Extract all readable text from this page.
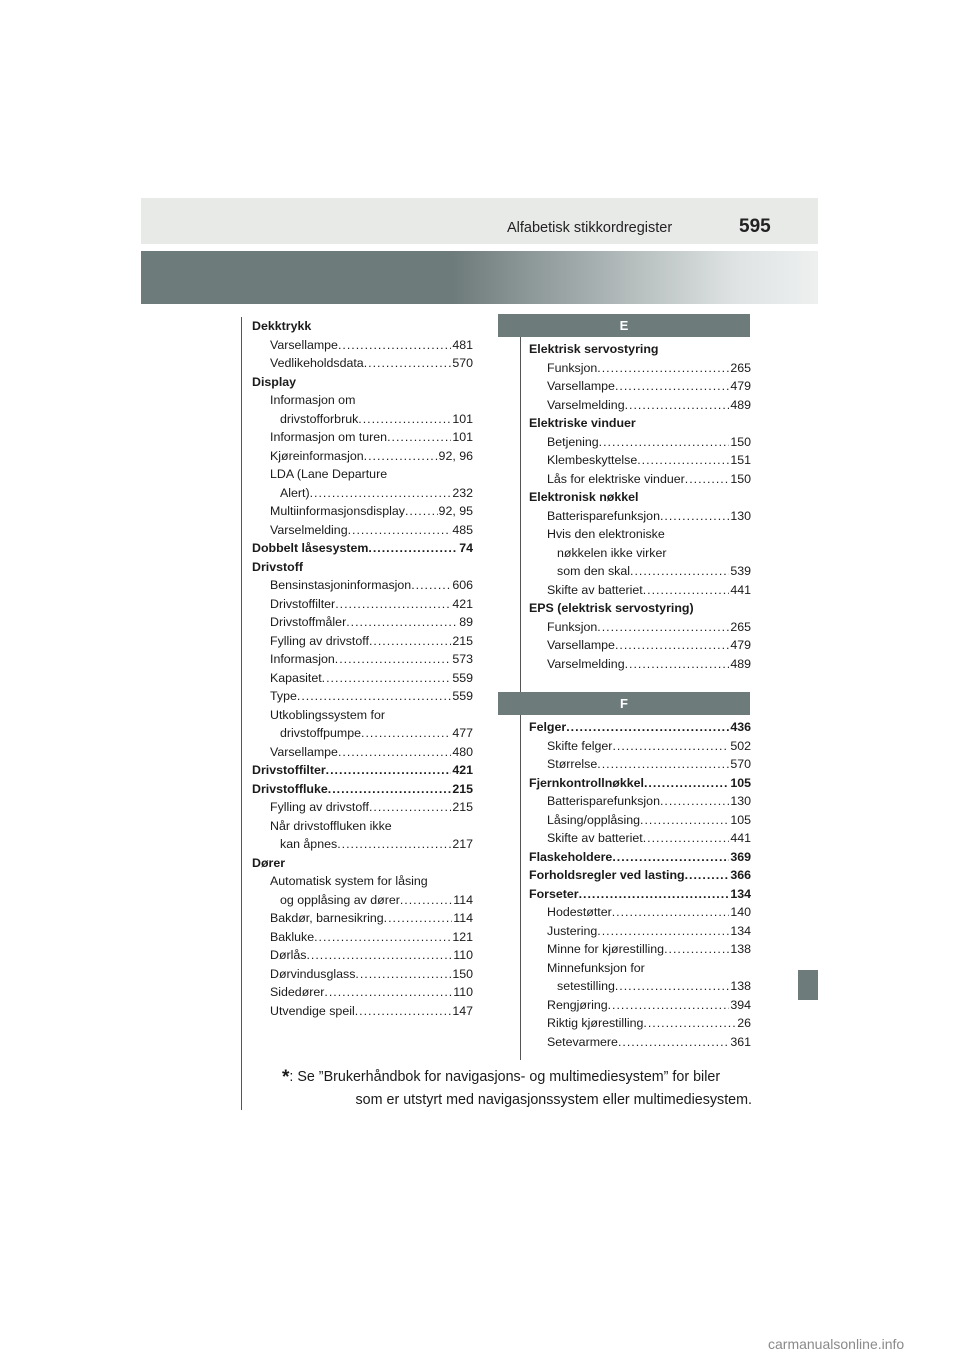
Alfabetisk stikkordregister	595
Dekktrykk
Varsellampe .....	481
Vedlikeholdsdata .....	570
Display
Informasjon om
drivstofforbruk .....	101
Informasjon om turen .....	101
Kjøreinformasjon .....	92, 96
LDA (Lane Departure
Alert) .....	232
Multiinformasjonsdisplay .....	92, 95
Varselmelding .....	485
Dobbelt låsesystem .....	74
Drivstoff
Bensinstasjoninformasjon .....	606
Drivstoffilter .....	421
Drivstoffmåler .....	89
Fylling av drivstoff .....	215
Informasjon .....	573
Kapasitet .....	559
Type .....	559
Utkoblingssystem for
drivstoffpumpe .....	477
Varsellampe .....	480
Drivstoffilter .....	421
Drivstoffluke .....	215
Fylling av drivstoff .....	215
Når drivstoffluken ikke
kan åpnes .....	217
Dører
Automatisk system for låsing
og opplåsing av dører .....	114
Bakdør, barnesikring .....	114
Bakluke .....	121
Dørlås .....	110
Dørvindusglass .....	150
Sidedører .....	110
Utvendige speil .....	147
E
Elektrisk servostyring
Funksjon .....	265
Varsellampe .....	479
Varselmelding .....	489
Elektriske vinduer
Betjening .....	150
Klembeskyttelse .....	151
Lås for elektriske vinduer .....	150
Elektronisk nøkkel
Batterisparefunksjon .....	130
Hvis den elektroniske
nøkkelen ikke virker
som den skal .....	539
Skifte av batteriet .....	441
EPS (elektrisk servostyring)
Funksjon .....	265
Varsellampe .....	479
Varselmelding .....	489
F
Felger .....	436
Skifte felger .....	502
Størrelse .....	570
Fjernkontrollnøkkel .....	105
Batterisparefunksjon .....	130
Låsing/opplåsing .....	105
Skifte av batteriet .....	441
Flaskeholdere .....	369
Forholdsregler ved lasting .....	366
Forseter .....	134
Hodestøtter .....	140
Justering .....	134
Minne for kjørestilling .....	138
Minnefunksjon for
setestilling .....	138
Rengjøring .....	394
Riktig kjørestilling .....	26
Setevarmere .....	361
*: Se ”Brukerhåndbok for navigasjons- og multimediesystem” for biler
som er utstyrt med navigasjonssystem eller multimediesystem.
carmanualsonline.info
